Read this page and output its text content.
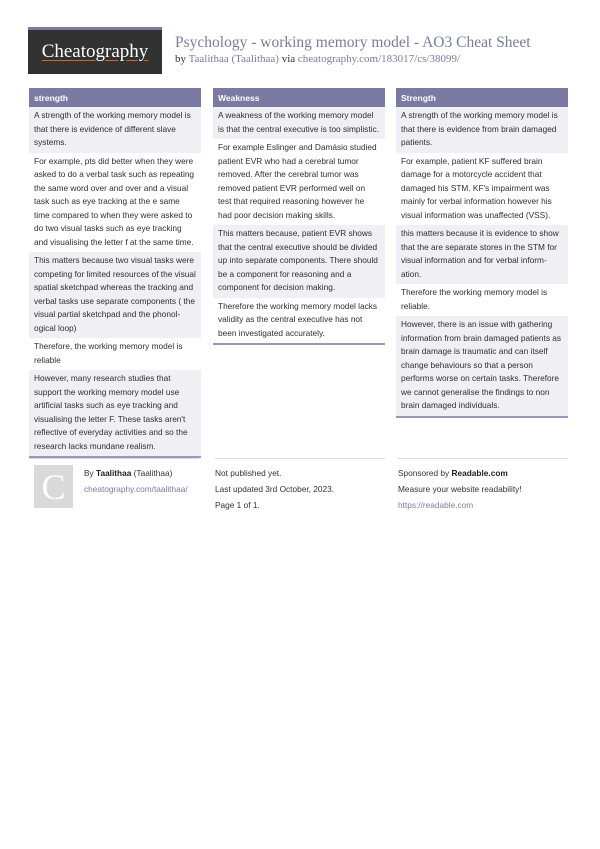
Cheatography Psychology - working memory model - AO3 Cheat Sheet
by Taalithaa (Taalithaa) via cheatography.com/183017/cs/38099/
strength
A strength of the working memory model is that there is evidence of different slave systems.
For example, pts did better when they were asked to do a verbal task such as repeating the same word over and over and a visual task such as eye tracking at the e same time compared to when they were asked to do two visual tasks such as eye tracking and visualising the letter f at the same time.
This matters because two visual tasks were competing for limited resources of the visual spatial sketchpad whereas the tracking and verbal tasks use separate components ( the visual partial sketchpad and the phonological loop)
Therefore, the working memory model is reliable
However, many research studies that support the working memory model use artificial tasks such as eye tracking and visualising the letter F. These tasks aren't reflective of everyday activities and so the research lacks mundane realism.
Weakness
A weakness of the working memory model is that the central executive is too simplistic.
For example Eslinger and Damásio studied patient EVR who had a cerebral tumor removed. After the cerebral tumor was removed patient EVR performed well on test that required reasoning however he had poor decision making skills.
This matters because, patient EVR shows that the central executive should be divided up into separate components. There should be a component for reasoning and a component for decision making.
Therefore the working memory model lacks validity as the central executive has not been investigated accurately.
Strength
A strength of the working memory model is that there is evidence from brain damaged patients.
For example, patient KF suffered brain damage for a motorcycle accident that damaged his STM. KF's impairment was mainly for verbal information however his visual information was unaffected (VSS).
this matters because it is evidence to show that the are separate stores in the STM for visual information and for verbal information.
Therefore the working memory model is reliable.
However, there is an issue with gathering information from brain damaged patients as brain damage is traumatic and can itself change behaviours so that a person performs worse on certain tasks. Therefore we cannot generalise the findings to non brain damaged individuals.
C	By Taalithaa (Taalithaa)
cheatography.com/taalithaa/
Not published yet.
Last updated 3rd October, 2023.
Page 1 of 1.
Sponsored by Readable.com
Measure your website readability!
https://readable.com
